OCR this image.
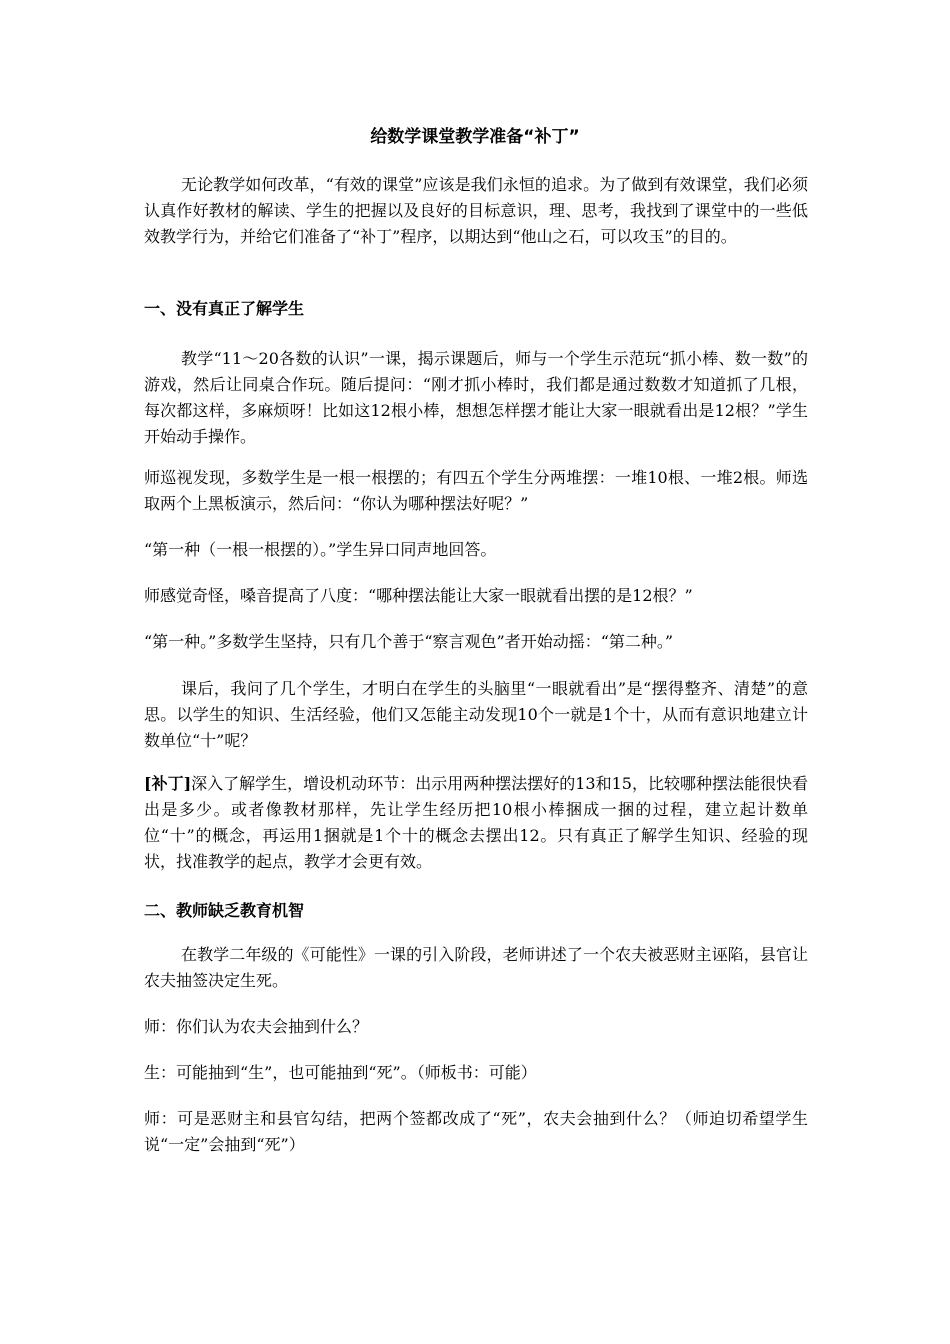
给数学课堂教学准备“补丁”

无论教学如何改革，“有效的课堂”应该是我们永恒的追求。为了做到有效课堂，我们必须认真作好教材的解读、学生的把握以及良好的目标意识，理、思考，我找到了课堂中的一些低效教学行为，并给它们准备了“补丁”程序，以期达到“他山之石，可以攻玉”的目的。

一、没有真正了解学生

教学“11～20各数的认识”一课，揭示课题后，师与一个学生示范玩“抓小棒、数一数”的游戏，然后让同桌合作玩。随后提问：“刚才抓小棒时，我们都是通过数数才知道抓了几根，每次都这样，多麻烦呀！比如这12根小棒，想想怎样摆才能让大家一眼就看出是12根？”学生开始动手操作。

师巡视发现，多数学生是一根一根摆的；有四五个学生分两堆摆：一堆10根、一堆2根。师选取两个上黑板演示，然后问：“你认为哪种摆法好呢？”

“第一种（一根一根摆的）。”学生异口同声地回答。

师感觉奇怪，嗓音提高了八度：“哪种摆法能让大家一眼就看出摆的是12根？”

“第一种。”多数学生坚持，只有几个善于“察言观色”者开始动摇：“第二种。”

课后，我问了几个学生，才明白在学生的头脑里“一眼就看出”是“摆得整齐、清楚”的意思。以学生的知识、生活经验，他们又怎能主动发现10个一就是1个十，从而有意识地建立计数单位“十”呢？

[补丁]深入了解学生，增设机动环节：出示用两种摆法摆好的13和15，比较哪种摆法能很快看出是多少。或者像教材那样，先让学生经历把10根小棒捆成一捆的过程，建立起计数单位“十”的概念，再运用1捆就是1个十的概念去摆出12。只有真正了解学生知识、经验的现状，找准教学的起点，教学才会更有效。

二、教师缺乏教育机智

在教学二年级的《可能性》一课的引入阶段，老师讲述了一个农夫被恶财主诬陷，县官让农夫抽签决定生死。

师：你们认为农夫会抽到什么？

生：可能抽到“生”，也可能抽到“死”。（师板书：可能）

师：可是恶财主和县官勾结，把两个签都改成了“死”，农夫会抽到什么？（师迫切希望学生说“一定”会抽到“死”）
